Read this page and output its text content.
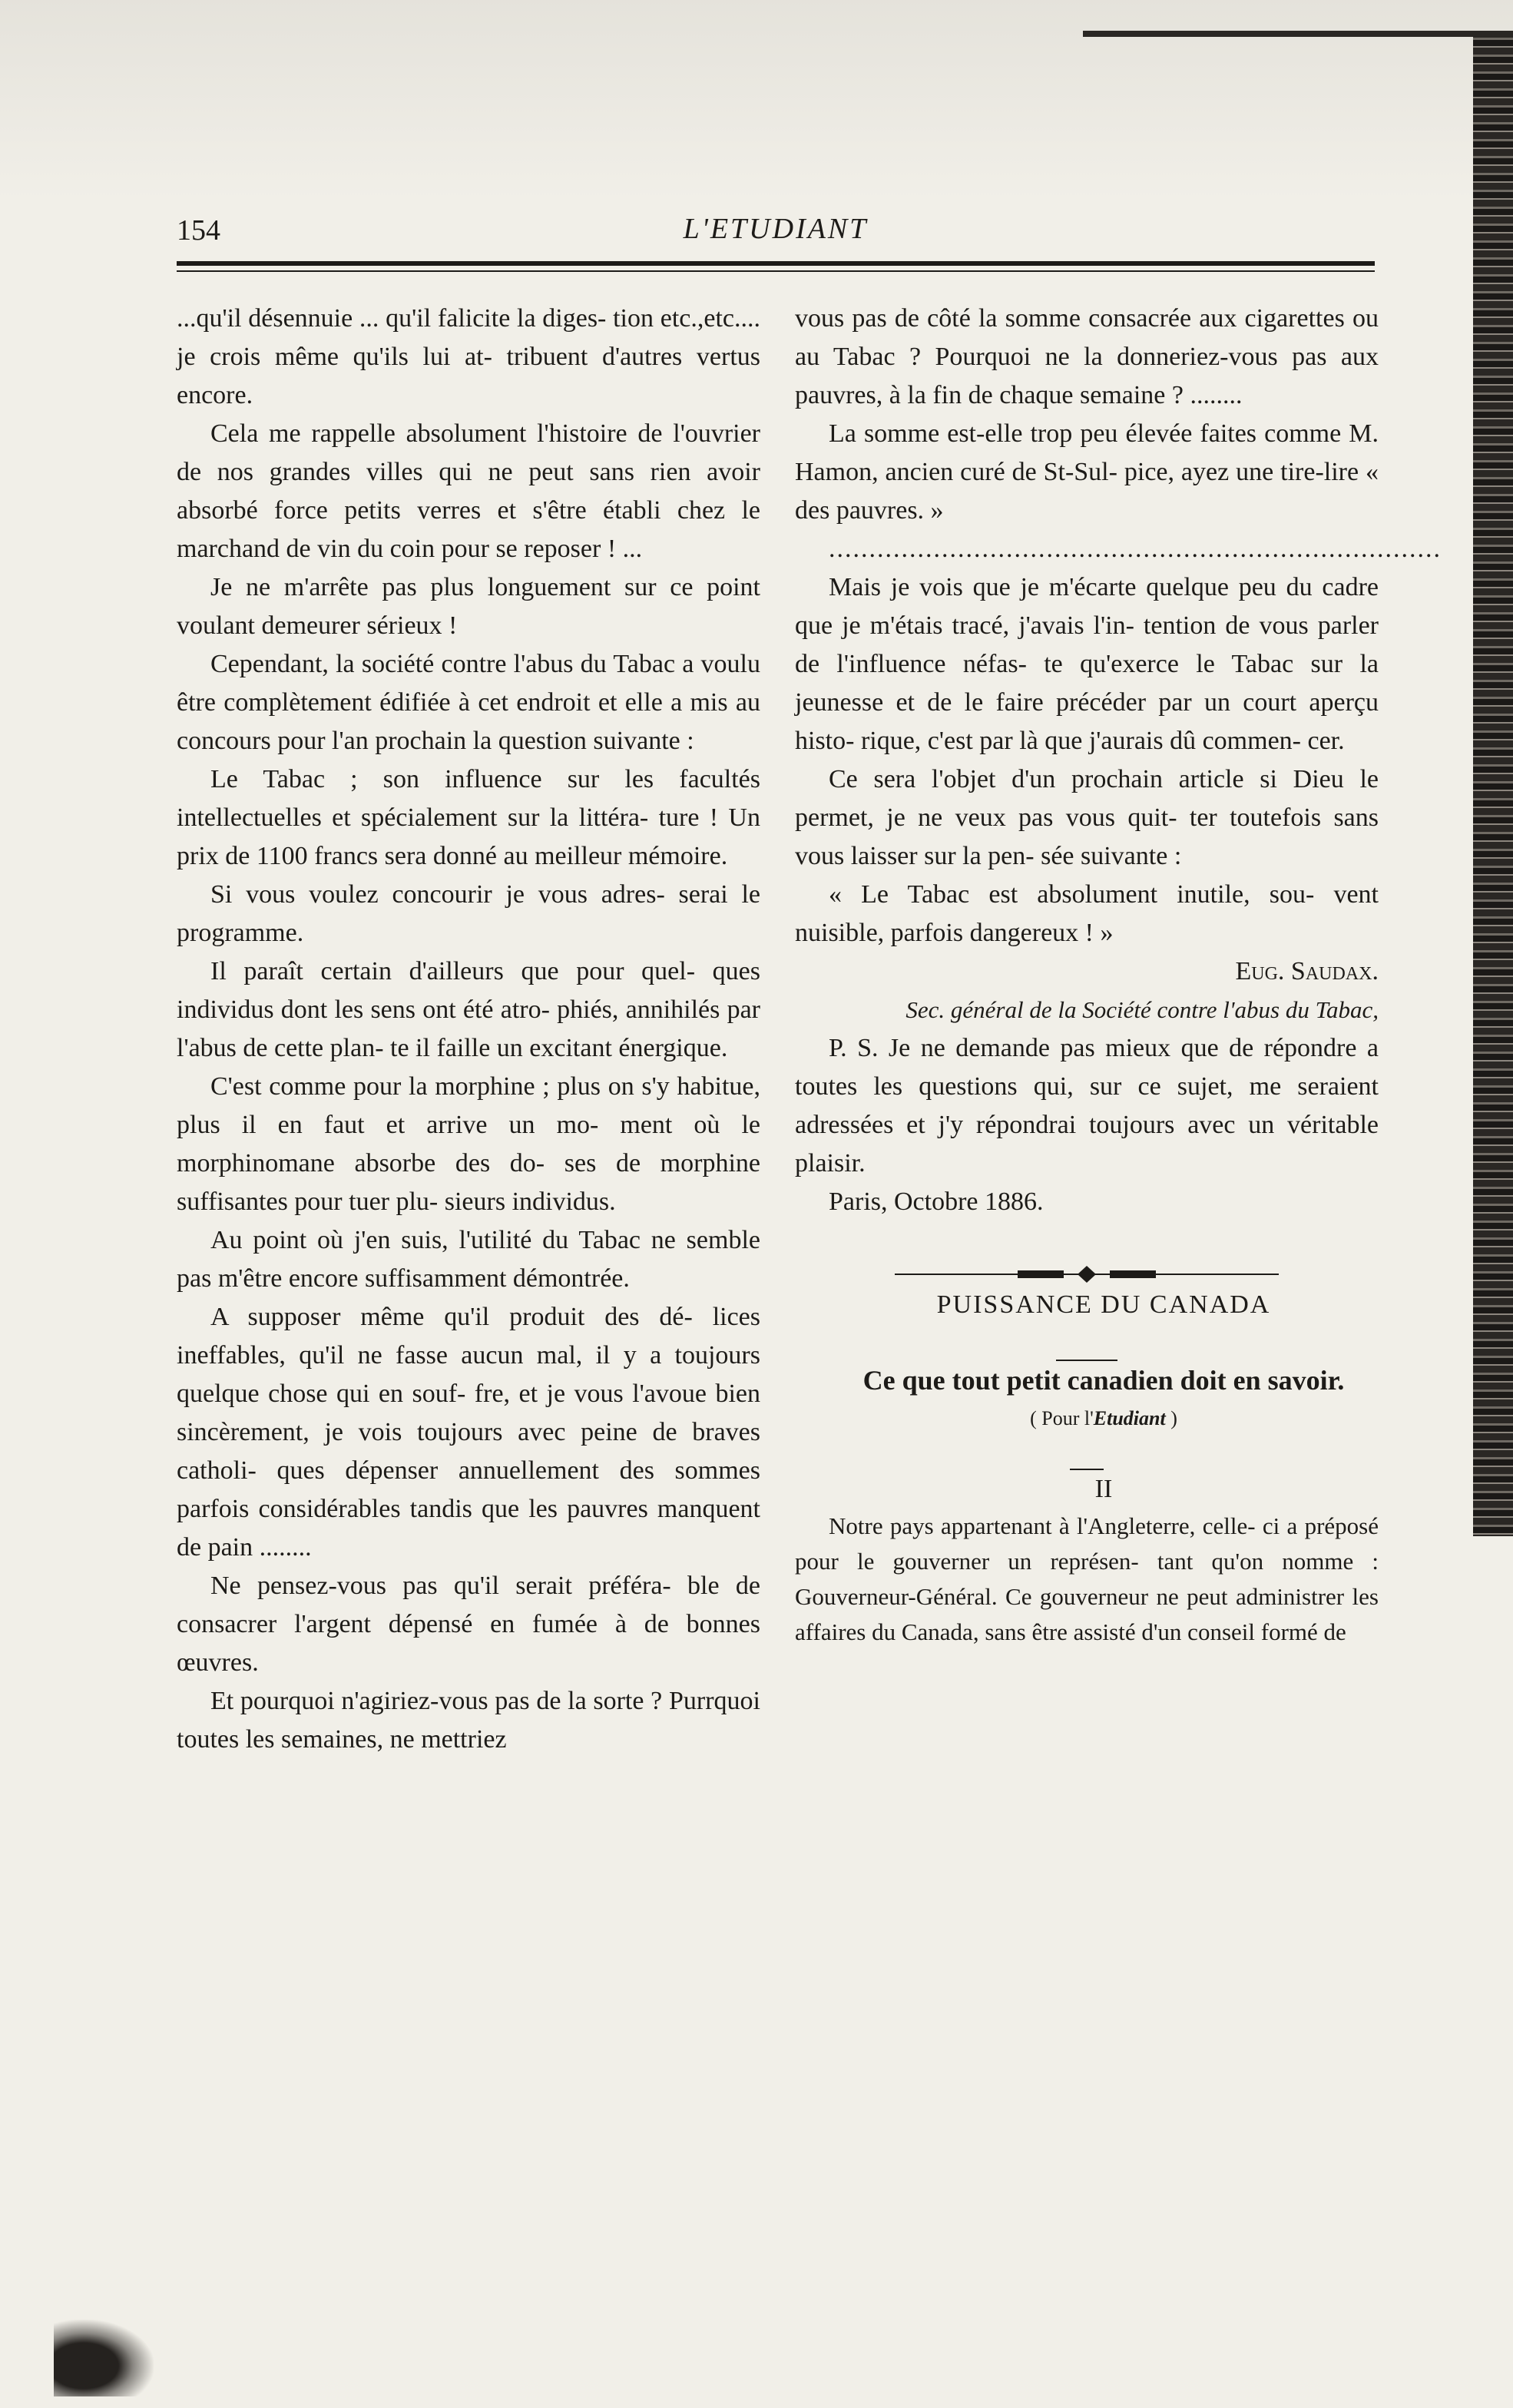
154	L'ETUDIANT

...qu'il désennuie ... qu'il falicite la diges- tion etc.,etc.... je crois même qu'ils lui at- tribuent d'autres vertus encore.

Cela me rappelle absolument l'histoire de l'ouvrier de nos grandes villes qui ne peut sans rien avoir absorbé force petits verres et s'être établi chez le marchand de vin du coin pour se reposer ! ...

Je ne m'arrête pas plus longuement sur ce point voulant demeurer sérieux !

Cependant, la société contre l'abus du Tabac a voulu être complètement édifiée à cet endroit et elle a mis au concours pour l'an prochain la question suivante :

Le Tabac ; son influence sur les facultés intellectuelles et spécialement sur la littéra- ture ! Un prix de 1100 francs sera donné au meilleur mémoire.

Si vous voulez concourir je vous adres- serai le programme.

Il paraît certain d'ailleurs que pour quel- ques individus dont les sens ont été atro- phiés, annihilés par l'abus de cette plan- te il faille un excitant énergique.

C'est comme pour la morphine ; plus on s'y habitue, plus il en faut et arrive un mo- ment où le morphinomane absorbe des do- ses de morphine suffisantes pour tuer plu- sieurs individus.

Au point où j'en suis, l'utilité du Tabac ne semble pas m'être encore suffisamment démontrée.

A supposer même qu'il produit des dé- lices ineffables, qu'il ne fasse aucun mal, il y a toujours quelque chose qui en souf- fre, et je vous l'avoue bien sincèrement, je vois toujours avec peine de braves catholi- ques dépenser annuellement des sommes parfois considérables tandis que les pauvres manquent de pain ........

Ne pensez-vous pas qu'il serait préféra- ble de consacrer l'argent dépensé en fumée à de bonnes œuvres.

Et pourquoi n'agiriez-vous pas de la sorte ? Purrquoi toutes les semaines, ne mettriez

vous pas de côté la somme consacrée aux cigarettes ou au Tabac ? Pourquoi ne la donneriez-vous pas aux pauvres, à la fin de chaque semaine ? ........

La somme est-elle trop peu élevée faites comme M. Hamon, ancien curé de St-Sul- pice, ayez une tire-lire « des pauvres. »

............................................................................

Mais je vois que je m'écarte quelque peu du cadre que je m'étais tracé, j'avais l'in- tention de vous parler de l'influence néfas- te qu'exerce le Tabac sur la jeunesse et de le faire précéder par un court aperçu histo- rique, c'est par là que j'aurais dû commen- cer.

Ce sera l'objet d'un prochain article si Dieu le permet, je ne veux pas vous quit- ter toutefois sans vous laisser sur la pen- sée suivante :

« Le Tabac est absolument inutile, sou- vent nuisible, parfois dangereux ! »

Eug. Saudax.

Sec. général de la Société contre l'abus du Tabac,

P. S. Je ne demande pas mieux que de répondre a toutes les questions qui, sur ce sujet, me seraient adressées et j'y répondrai toujours avec un véritable plaisir.

Paris, Octobre 1886.

PUISSANCE DU CANADA

Ce que tout petit canadien doit en savoir.

( Pour l'Etudiant )

II

Notre pays appartenant à l'Angleterre, celle- ci a préposé pour le gouverner un représen- tant qu'on nomme : Gouverneur-Général. Ce gouverneur ne peut administrer les affaires du Canada, sans être assisté d'un conseil formé de
